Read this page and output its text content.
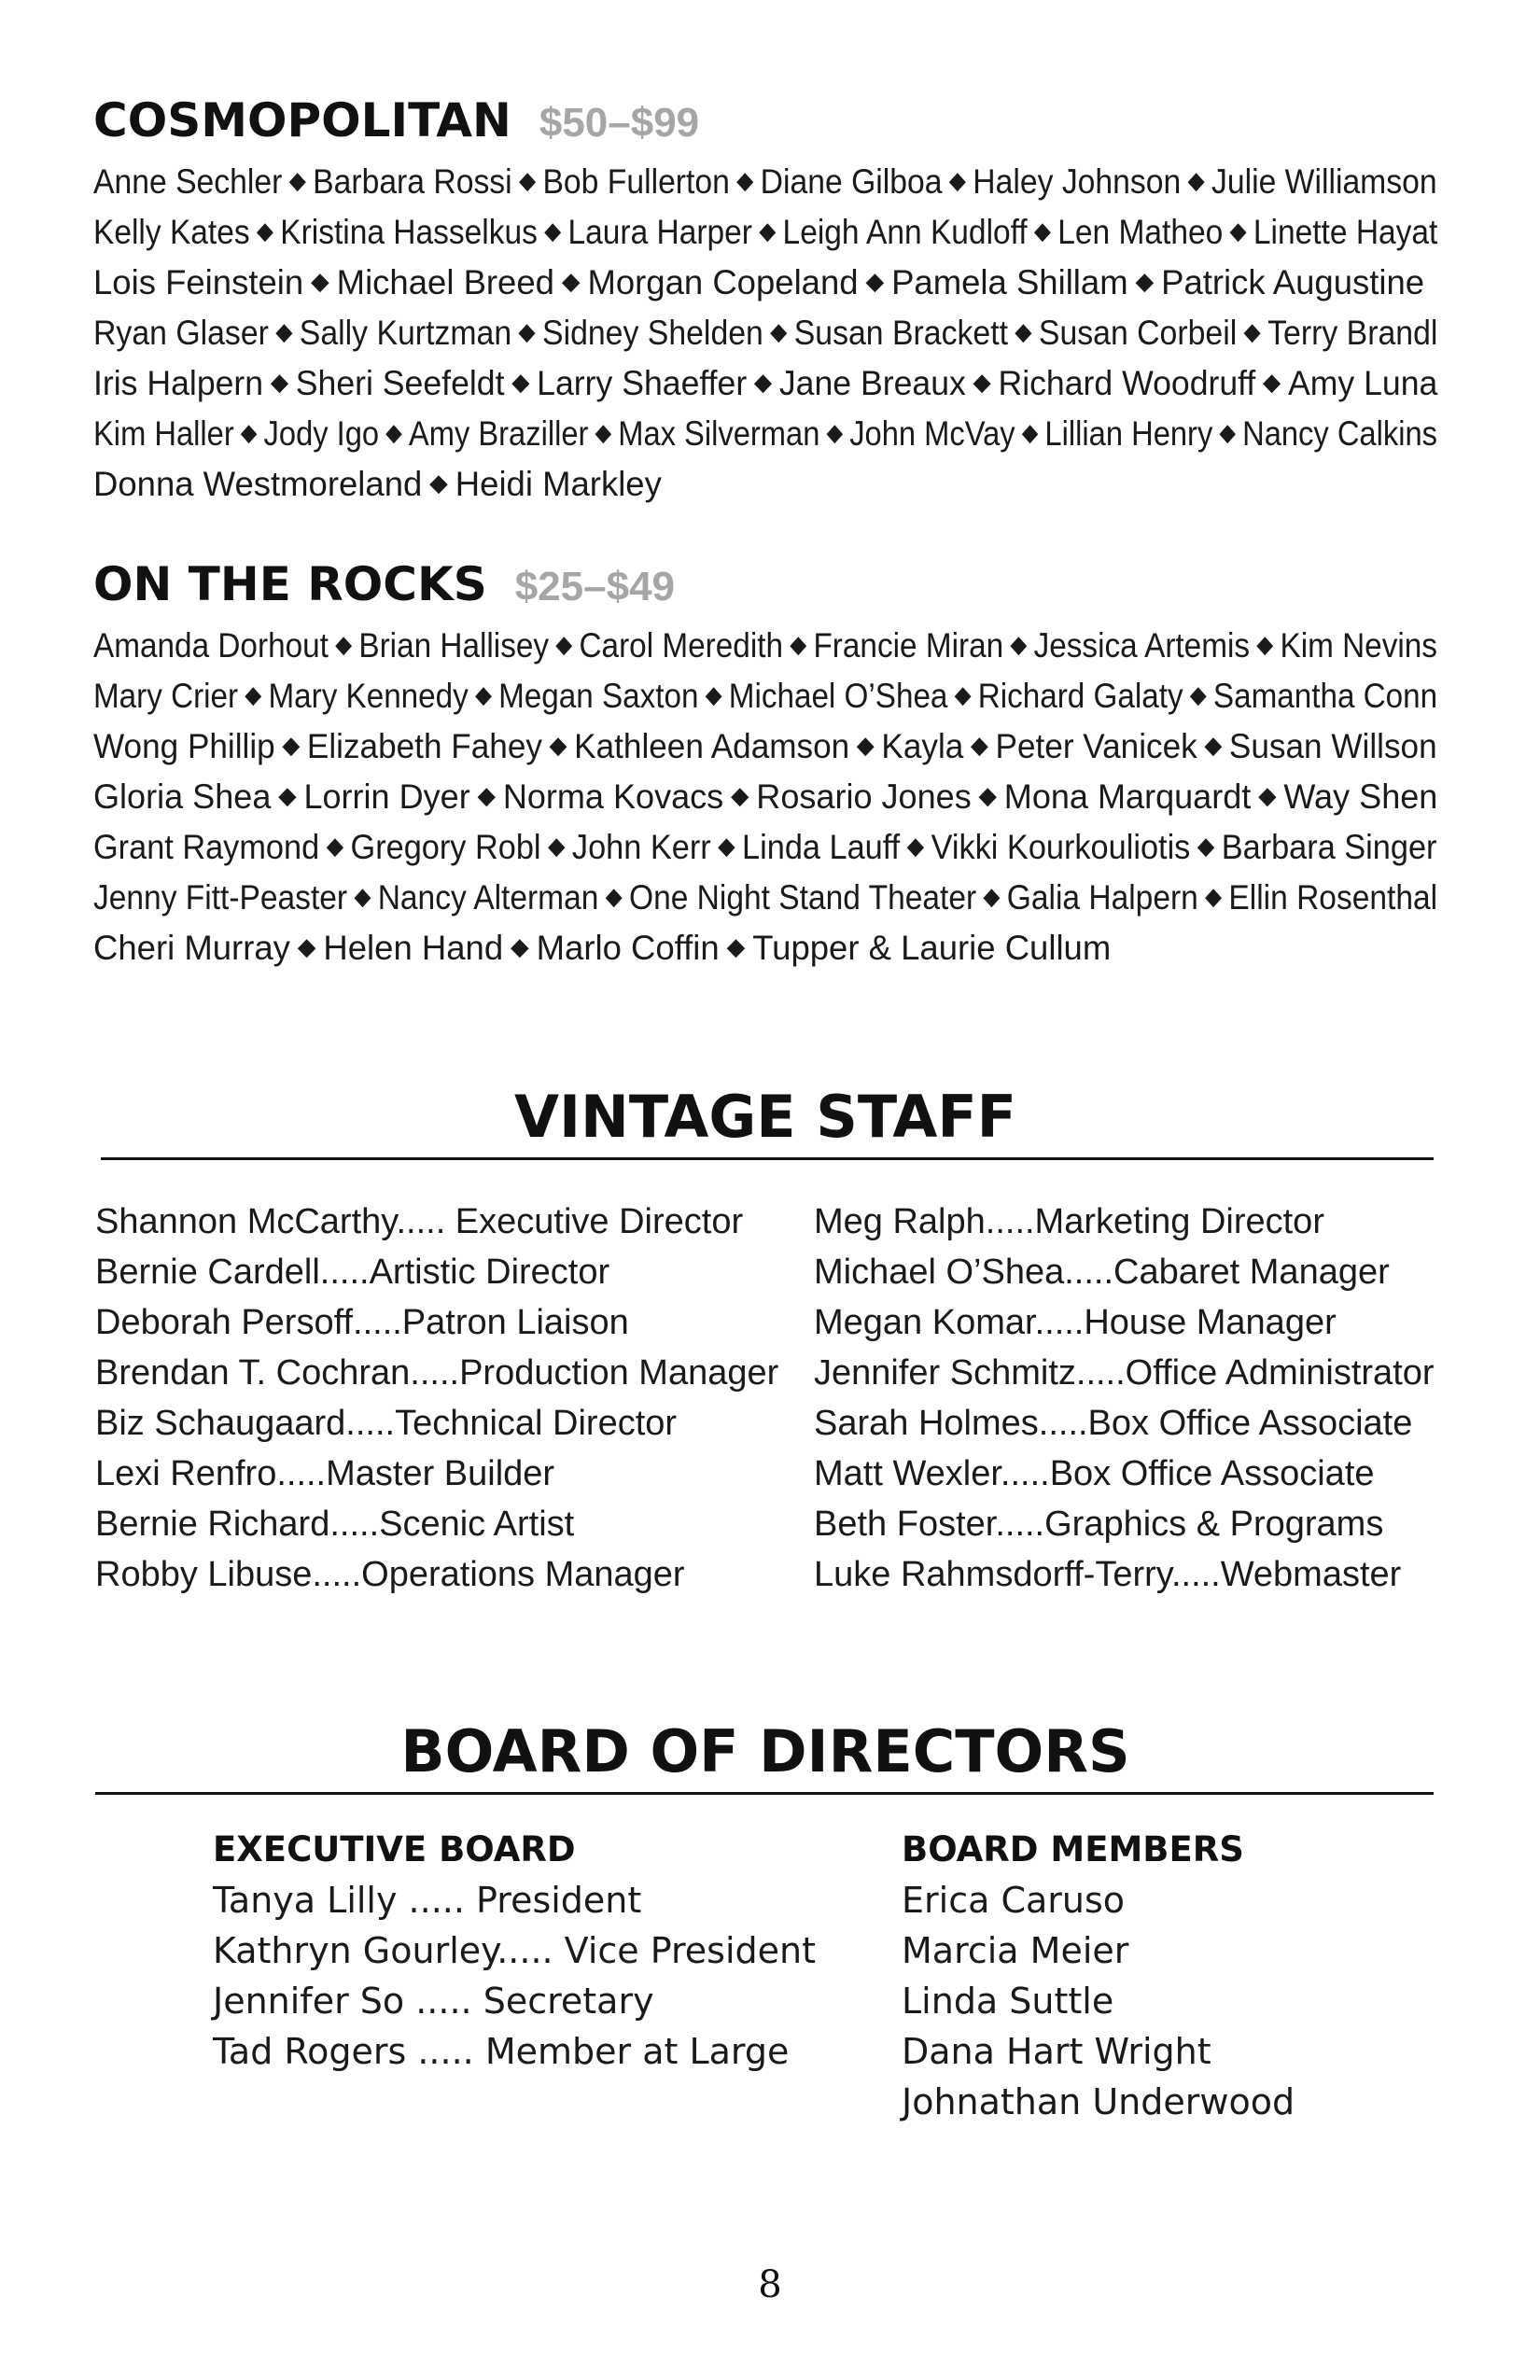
COSMOPOLITAN $50–$99
Anne Sechler ◆ Barbara Rossi ◆ Bob Fullerton ◆ Diane Gilboa ◆ Haley Johnson ◆ Julie Williamson
Kelly Kates ◆ Kristina Hasselkus ◆ Laura Harper ◆ Leigh Ann Kudloff ◆ Len Matheo ◆ Linette Hayat
Lois Feinstein ◆ Michael Breed ◆ Morgan Copeland ◆ Pamela Shillam ◆ Patrick Augustine
Ryan Glaser ◆ Sally Kurtzman ◆ Sidney Shelden ◆ Susan Brackett ◆ Susan Corbeil ◆ Terry Brandl
Iris Halpern ◆ Sheri Seefeldt ◆ Larry Shaeffer ◆ Jane Breaux ◆ Richard Woodruff ◆ Amy Luna
Kim Haller ◆ Jody Igo ◆ Amy Braziller ◆ Max Silverman ◆ John McVay ◆ Lillian Henry ◆ Nancy Calkins
Donna Westmoreland ◆ Heidi Markley
ON THE ROCKS $25–$49
Amanda Dorhout ◆ Brian Hallisey ◆ Carol Meredith ◆ Francie Miran ◆ Jessica Artemis ◆ Kim Nevins
Mary Crier ◆ Mary Kennedy ◆ Megan Saxton ◆ Michael O’Shea ◆ Richard Galaty ◆ Samantha Conn
Wong Phillip ◆ Elizabeth Fahey ◆ Kathleen Adamson ◆ Kayla ◆ Peter Vanicek ◆ Susan Willson
Gloria Shea ◆ Lorrin Dyer ◆ Norma Kovacs ◆ Rosario Jones ◆ Mona Marquardt ◆ Way Shen
Grant Raymond ◆ Gregory Robl ◆ John Kerr ◆ Linda Lauff ◆ Vikki Kourkouliotis ◆ Barbara Singer
Jenny Fitt-Peaster ◆ Nancy Alterman ◆ One Night Stand Theater ◆ Galia Halpern ◆ Ellin Rosenthal
Cheri Murray ◆ Helen Hand ◆ Marlo Coffin ◆ Tupper & Laurie Cullum
VINTAGE STAFF
Shannon McCarthy..... Executive Director
Bernie Cardell.....Artistic Director
Deborah Persoff.....Patron Liaison
Brendan T. Cochran.....Production Manager
Biz Schaugaard.....Technical Director
Lexi Renfro.....Master Builder
Bernie Richard.....Scenic Artist
Robby Libuse.....Operations Manager
Meg Ralph.....Marketing Director
Michael O’Shea.....Cabaret Manager
Megan Komar.....House Manager
Jennifer Schmitz.....Office Administrator
Sarah Holmes.....Box Office Associate
Matt Wexler.....Box Office Associate
Beth Foster.....Graphics & Programs
Luke Rahmsdorff-Terry.....Webmaster
BOARD OF DIRECTORS
EXECUTIVE BOARD
Tanya Lilly ..... President
Kathryn Gourley..... Vice President
Jennifer So ..... Secretary
Tad Rogers ..... Member at Large
BOARD MEMBERS
Erica Caruso
Marcia Meier
Linda Suttle
Dana Hart Wright
Johnathan Underwood
8
